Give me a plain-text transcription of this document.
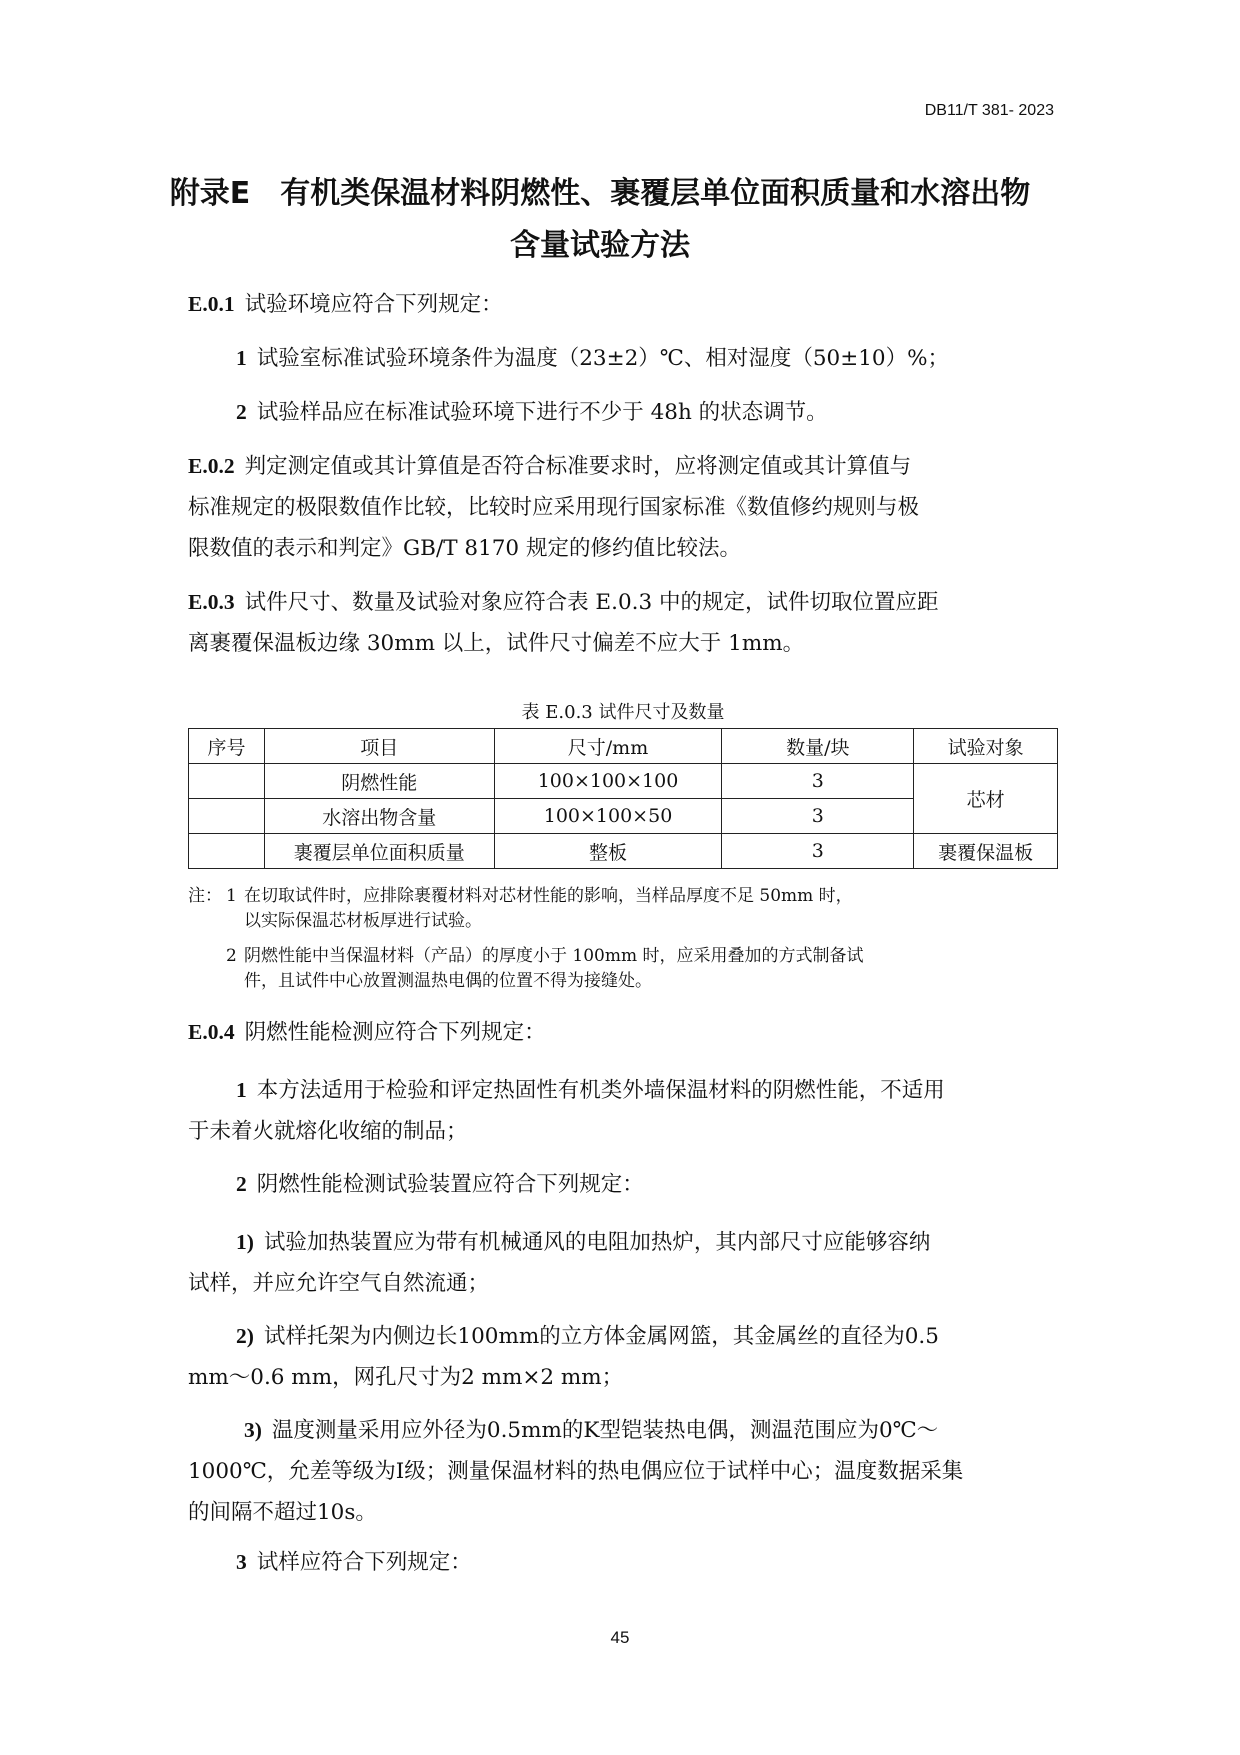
DB11/T 381- 2023
附录E　有机类保温材料阴燃性、裹覆层单位面积质量和水溶出物
含量试验方法
E.0.1 试验环境应符合下列规定：
1 试验室标准试验环境条件为温度（23±2）℃、相对湿度（50±10）%；
2 试验样品应在标准试验环境下进行不少于 48h 的状态调节。
E.0.2 判定测定值或其计算值是否符合标准要求时，应将测定值或其计算值与
标准规定的极限数值作比较，比较时应采用现行国家标准《数值修约规则与极
限数值的表示和判定》GB/T 8170 规定的修约值比较法。
E.0.3 试件尺寸、数量及试验对象应符合表 E.0.3 中的规定，试件切取位置应距
离裹覆保温板边缘 30mm 以上，试件尺寸偏差不应大于 1mm。
表 E.0.3 试件尺寸及数量
序号	项目	尺寸/mm	数量/块	试验对象
	阴燃性能	100×100×100	3	芯材
	水溶出物含量	100×100×50	3	
	裹覆层单位面积质量	整板	3	裹覆保温板
注： 1 在切取试件时，应排除裹覆材料对芯材性能的影响，当样品厚度不足 50mm 时，
以实际保温芯材板厚进行试验。
2 阴燃性能中当保温材料（产品）的厚度小于 100mm 时，应采用叠加的方式制备试
件，且试件中心放置测温热电偶的位置不得为接缝处。
E.0.4 阴燃性能检测应符合下列规定：
1 本方法适用于检验和评定热固性有机类外墙保温材料的阴燃性能，不适用
于未着火就熔化收缩的制品；
2 阴燃性能检测试验装置应符合下列规定：
1) 试验加热装置应为带有机械通风的电阻加热炉，其内部尺寸应能够容纳
试样，并应允许空气自然流通；
2) 试样托架为内侧边长100mm的立方体金属网篮，其金属丝的直径为0.5
mm～0.6 mm，网孔尺寸为2 mm×2 mm；
3) 温度测量采用应外径为0.5mm的K型铠装热电偶，测温范围应为0℃～
1000℃，允差等级为I级；测量保温材料的热电偶应位于试样中心；温度数据采集
的间隔不超过10s。
3 试样应符合下列规定：
45
